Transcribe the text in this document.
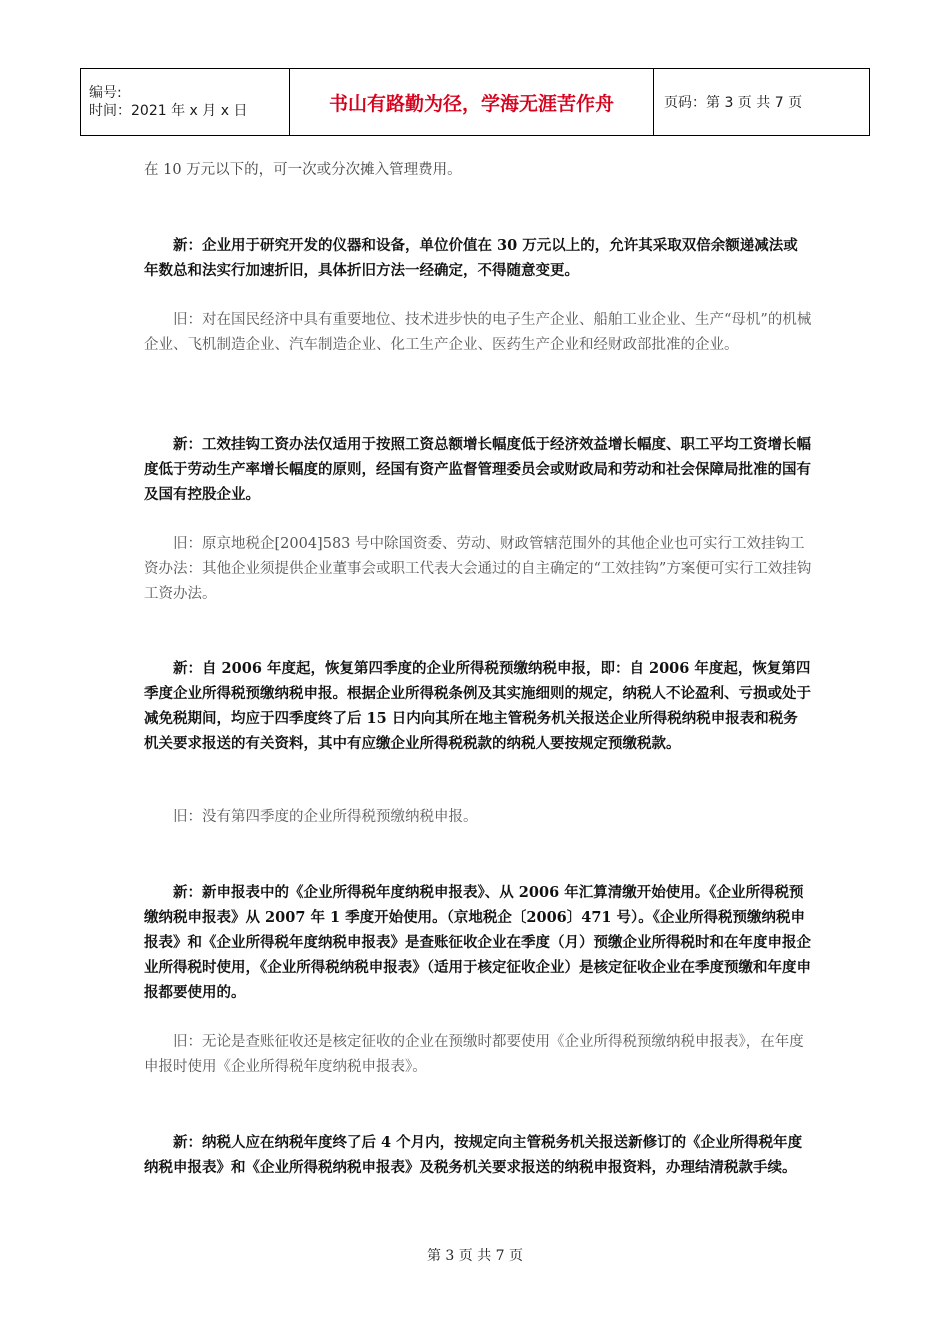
编号:
时间：2021 年 x 月 x 日	书山有路勤为径，学海无涯苦作舟	页码：第 3 页 共 7 页

在 10 万元以下的，可一次或分次摊入管理费用。

新：企业用于研究开发的仪器和设备，单位价值在 30 万元以上的，允许其采取双倍余额递减法或年数总和法实行加速折旧，具体折旧方法一经确定，不得随意变更。

旧：对在国民经济中具有重要地位、技术进步快的电子生产企业、船舶工业企业、生产“母机”的机械企业、飞机制造企业、汽车制造企业、化工生产企业、医药生产企业和经财政部批准的企业。

新：工效挂钩工资办法仅适用于按照工资总额增长幅度低于经济效益增长幅度、职工平均工资增长幅度低于劳动生产率增长幅度的原则，经国有资产监督管理委员会或财政局和劳动和社会保障局批准的国有及国有控股企业。

旧：原京地税企[2004]583 号中除国资委、劳动、财政管辖范围外的其他企业也可实行工效挂钩工资办法：其他企业须提供企业董事会或职工代表大会通过的自主确定的“工效挂钩”方案便可实行工效挂钩工资办法。

新：自 2006 年度起，恢复第四季度的企业所得税预缴纳税申报，即：自 2006 年度起，恢复第四季度企业所得税预缴纳税申报。根据企业所得税条例及其实施细则的规定，纳税人不论盈利、亏损或处于减免税期间，均应于四季度终了后 15 日内向其所在地主管税务机关报送企业所得税纳税申报表和税务机关要求报送的有关资料，其中有应缴企业所得税税款的纳税人要按规定预缴税款。

旧：没有第四季度的企业所得税预缴纳税申报。

新：新申报表中的《企业所得税年度纳税申报表》、从 2006 年汇算清缴开始使用。《企业所得税预缴纳税申报表》从 2007 年 1 季度开始使用。（京地税企〔2006〕471 号）。《企业所得税预缴纳税申报表》和《企业所得税年度纳税申报表》是查账征收企业在季度（月）预缴企业所得税时和在年度申报企业所得税时使用，《企业所得税纳税申报表》（适用于核定征收企业）是核定征收企业在季度预缴和年度申报都要使用的。

旧：无论是查账征收还是核定征收的企业在预缴时都要使用《企业所得税预缴纳税申报表》，在年度申报时使用《企业所得税年度纳税申报表》。

新：纳税人应在纳税年度终了后 4 个月内，按规定向主管税务机关报送新修订的《企业所得税年度纳税申报表》和《企业所得税纳税申报表》及税务机关要求报送的纳税申报资料，办理结清税款手续。

第 3 页 共 7 页
